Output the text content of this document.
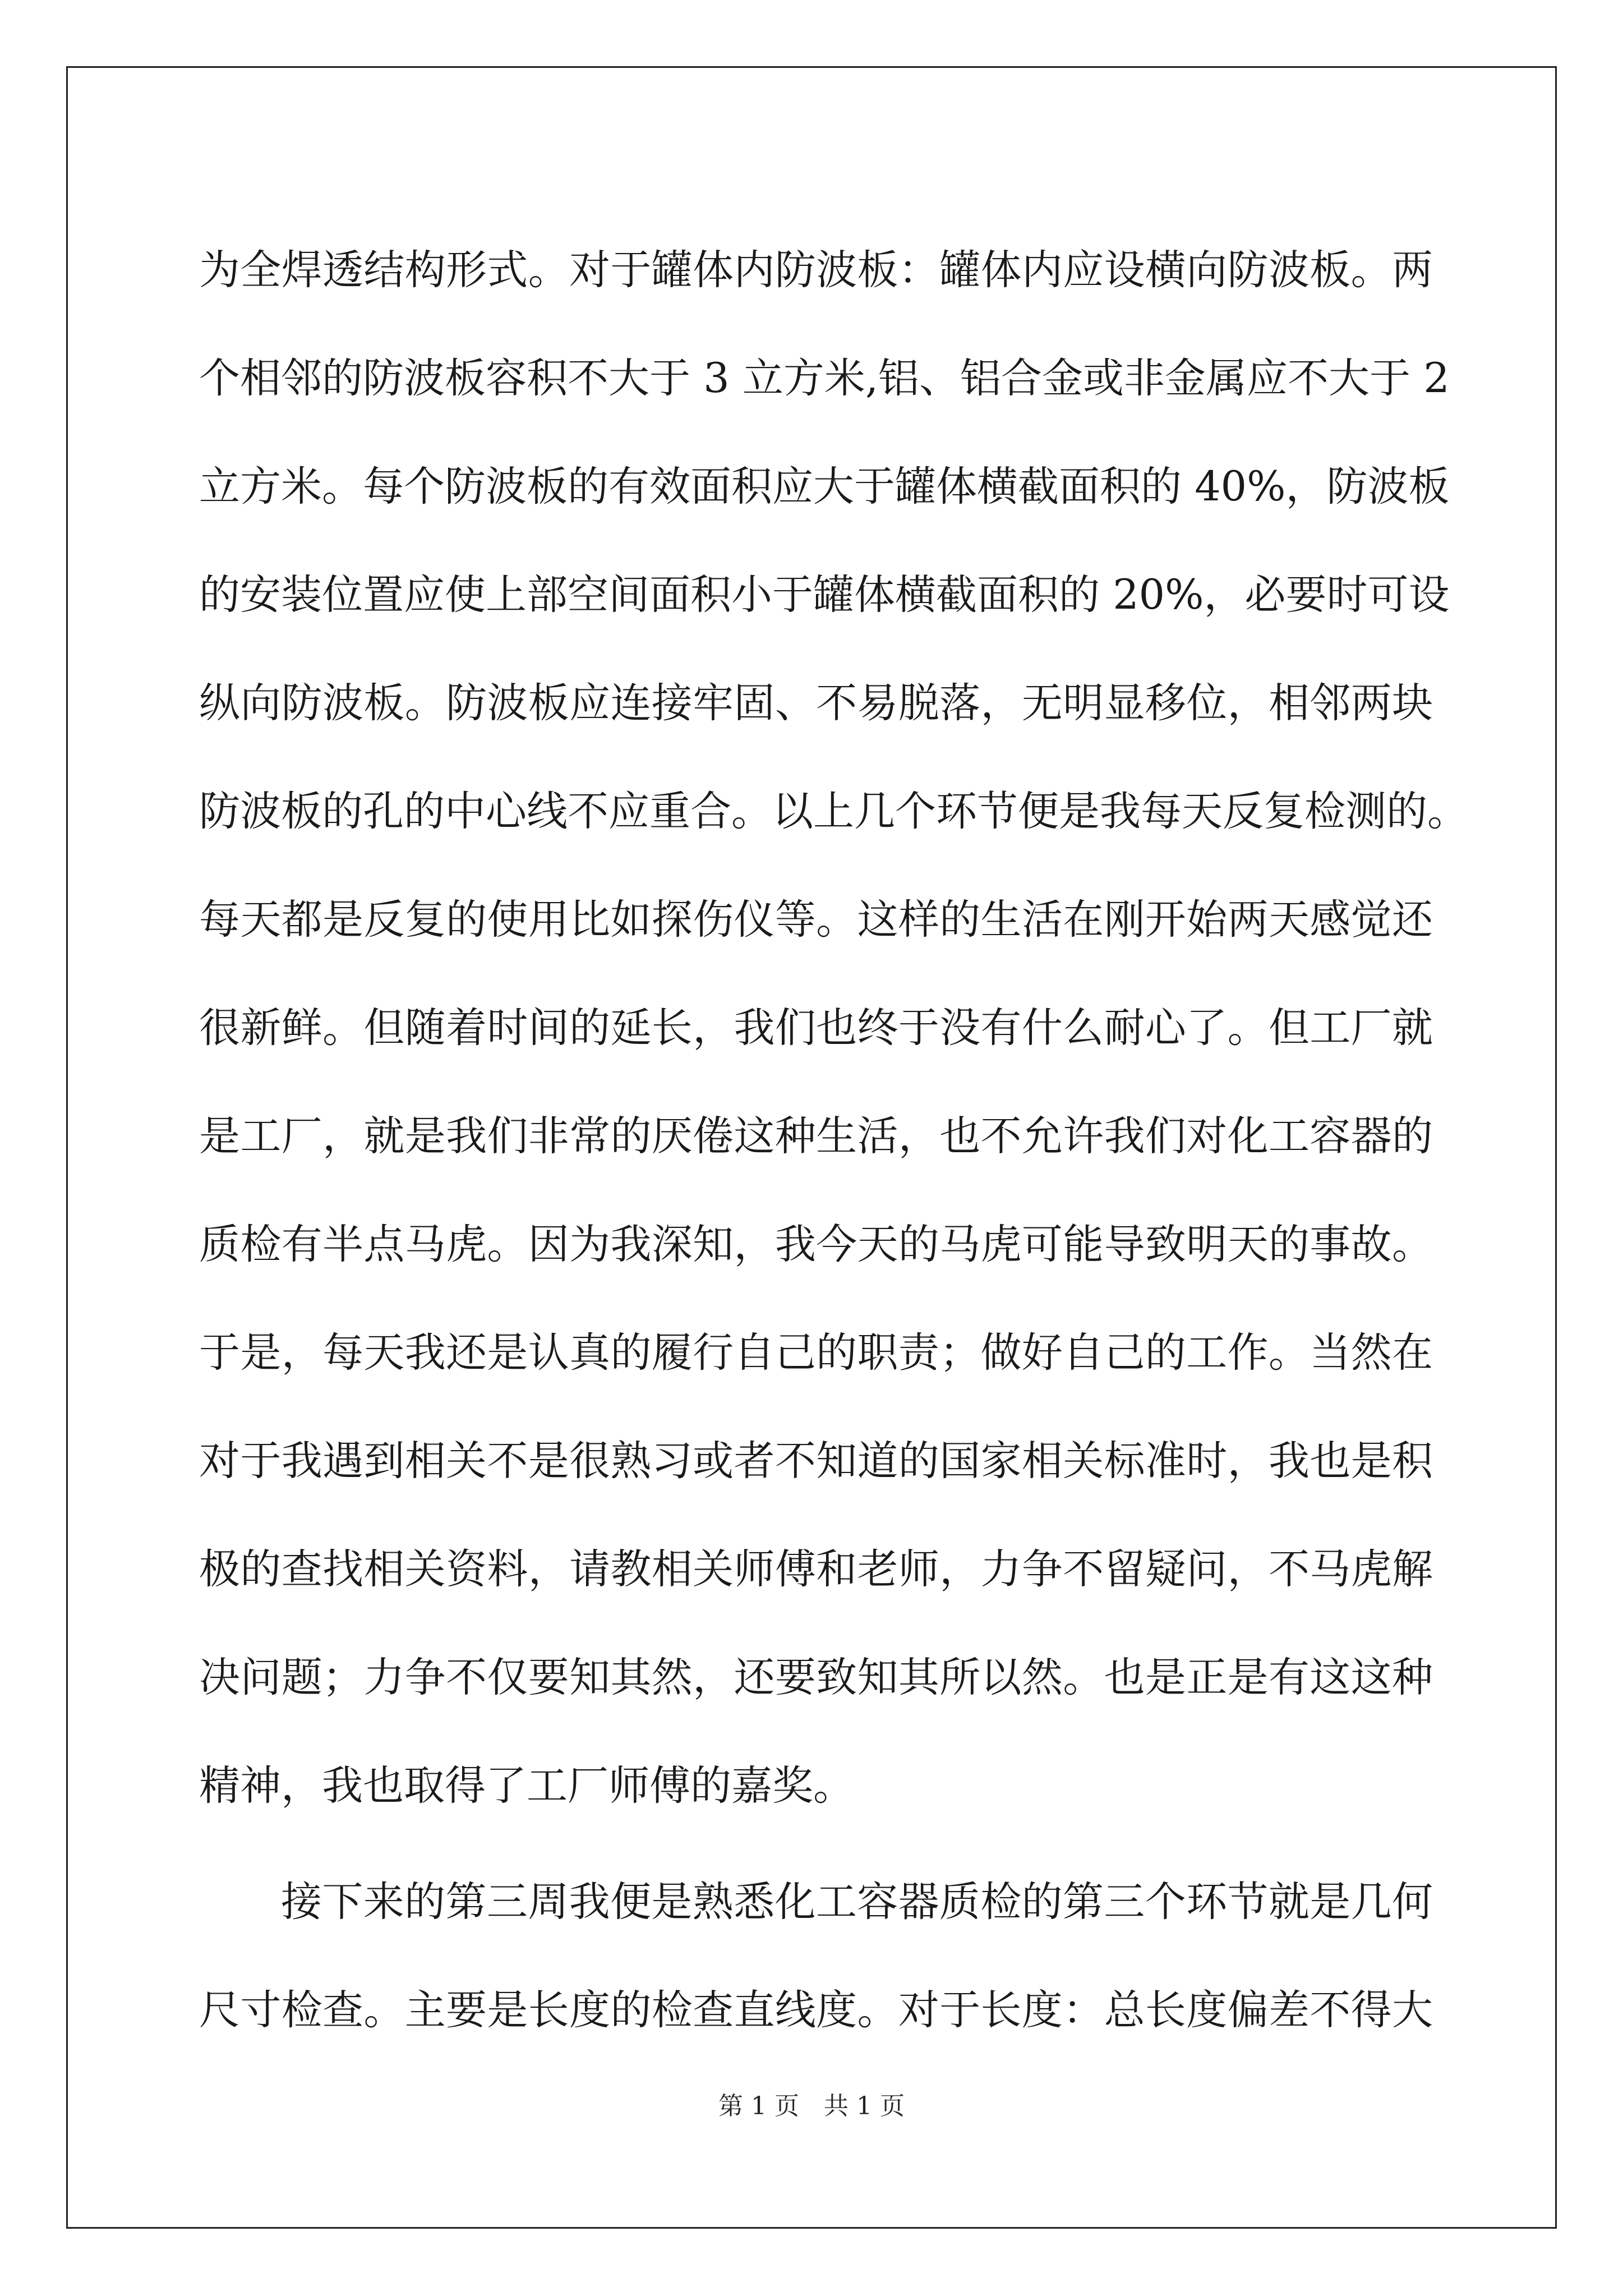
为全焊透结构形式。对于罐体内防波板：罐体内应设横向防波板。两
个相邻的防波板容积不大于 3 立方米,铝、铝合金或非金属应不大于 2
立方米。每个防波板的有效面积应大于罐体横截面积的 40%，防波板
的安装位置应使上部空间面积小于罐体横截面积的 20%，必要时可设
纵向防波板。防波板应连接牢固、不易脱落，无明显移位，相邻两块
防波板的孔的中心线不应重合。以上几个环节便是我每天反复检测的。
每天都是反复的使用比如探伤仪等。这样的生活在刚开始两天感觉还
很新鲜。但随着时间的延长，我们也终于没有什么耐心了。但工厂就
是工厂，就是我们非常的厌倦这种生活，也不允许我们对化工容器的
质检有半点马虎。因为我深知，我今天的马虎可能导致明天的事故。
于是，每天我还是认真的履行自己的职责；做好自己的工作。当然在
对于我遇到相关不是很熟习或者不知道的国家相关标准时，我也是积
极的查找相关资料，请教相关师傅和老师，力争不留疑问，不马虎解
决问题；力争不仅要知其然，还要致知其所以然。也是正是有这这种
精神，我也取得了工厂师傅的嘉奖。
接下来的第三周我便是熟悉化工容器质检的第三个环节就是几何
尺寸检查。主要是长度的检查直线度。对于长度：总长度偏差不得大
第 1 页　共 1 页
